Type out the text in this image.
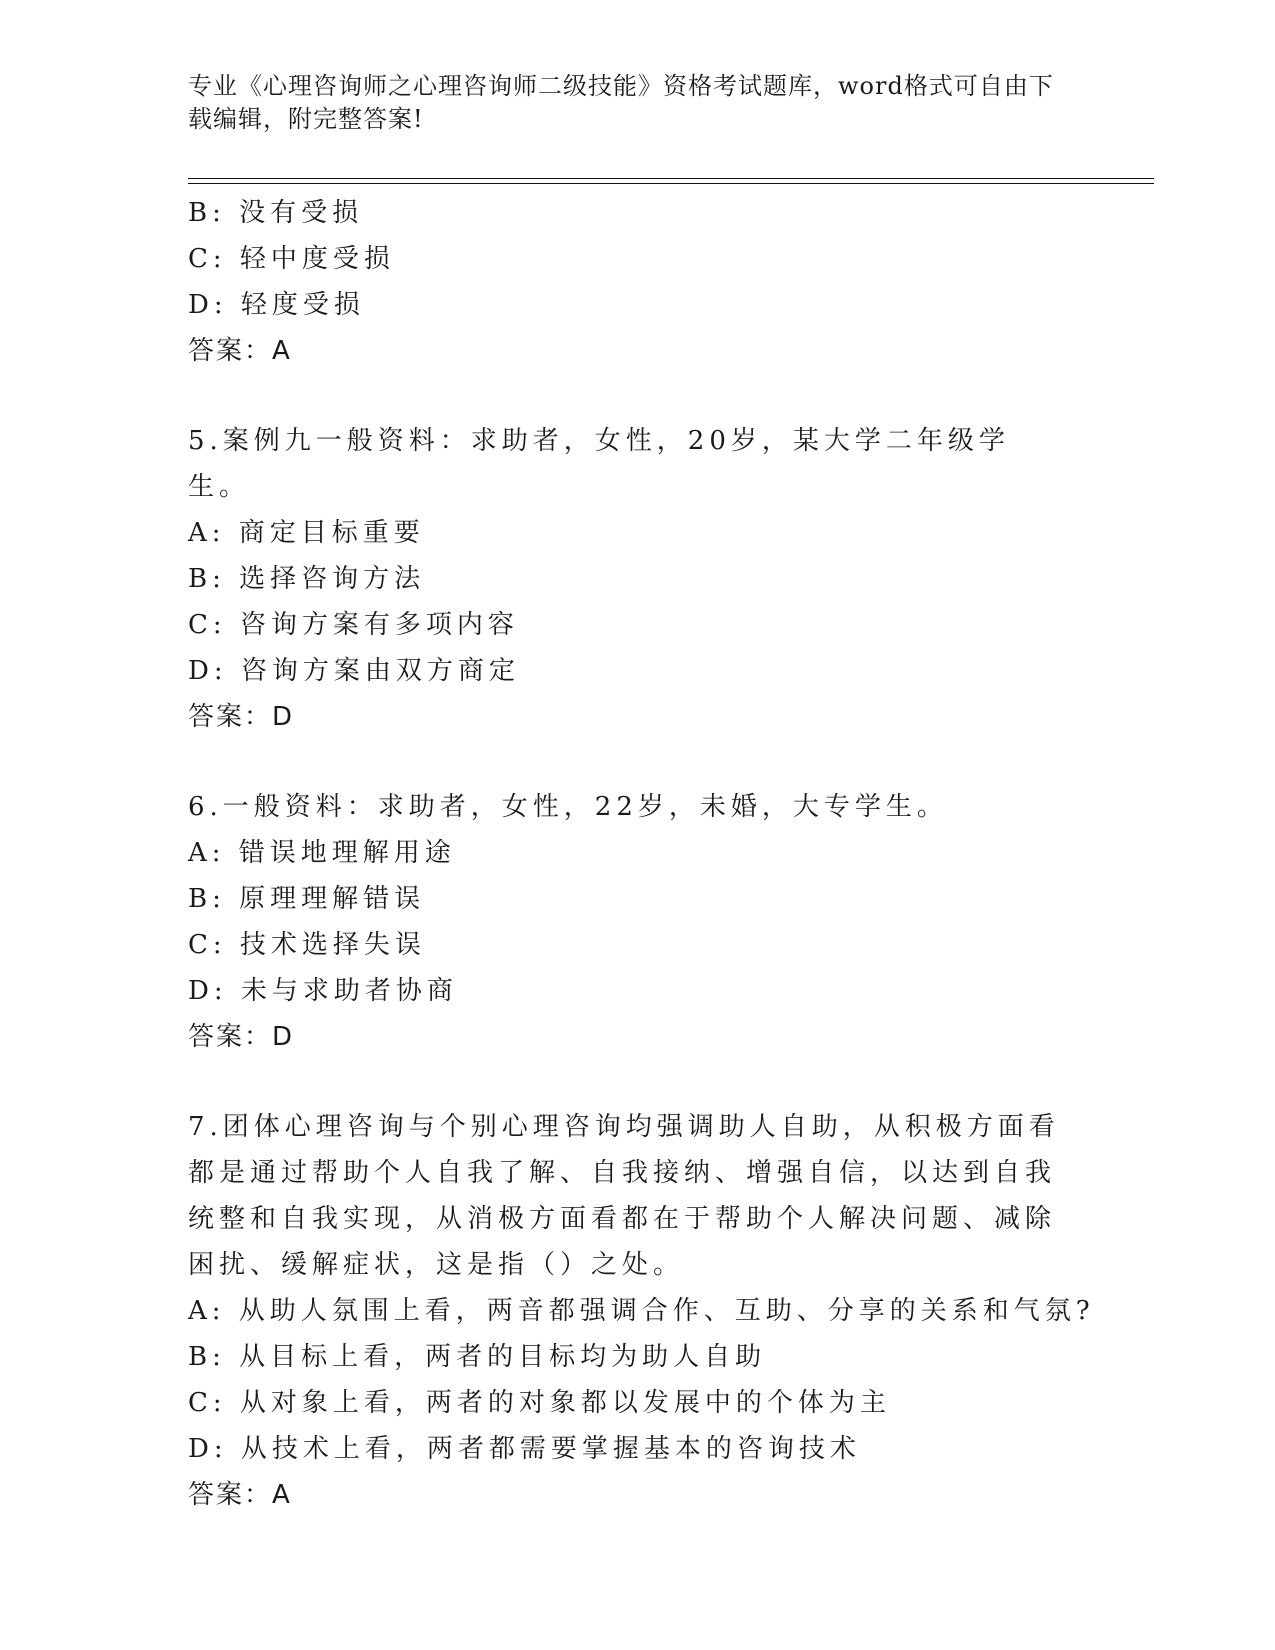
专业《心理咨询师之心理咨询师二级技能》资格考试题库，word格式可自由下载编辑，附完整答案!
B: 没有受损
C: 轻中度受损
D: 轻度受损
答案：A
5.案例九一般资料：求助者，女性，20岁，某大学二年级学生。
A: 商定目标重要
B: 选择咨询方法
C: 咨询方案有多项内容
D: 咨询方案由双方商定
答案：D
6.一般资料：求助者，女性，22岁，未婚，大专学生。
A: 错误地理解用途
B: 原理理解错误
C: 技术选择失误
D: 未与求助者协商
答案：D
7.团体心理咨询与个别心理咨询均强调助人自助，从积极方面看都是通过帮助个人自我了解、自我接纳、增强自信，以达到自我统整和自我实现，从消极方面看都在于帮助个人解决问题、减除困扰、缓解症状，这是指（）之处。
A: 从助人氛围上看，两音都强调合作、互助、分享的关系和气氛?
B: 从目标上看，两者的目标均为助人自助
C: 从对象上看，两者的对象都以发展中的个体为主
D: 从技术上看，两者都需要掌握基本的咨询技术
答案：A
